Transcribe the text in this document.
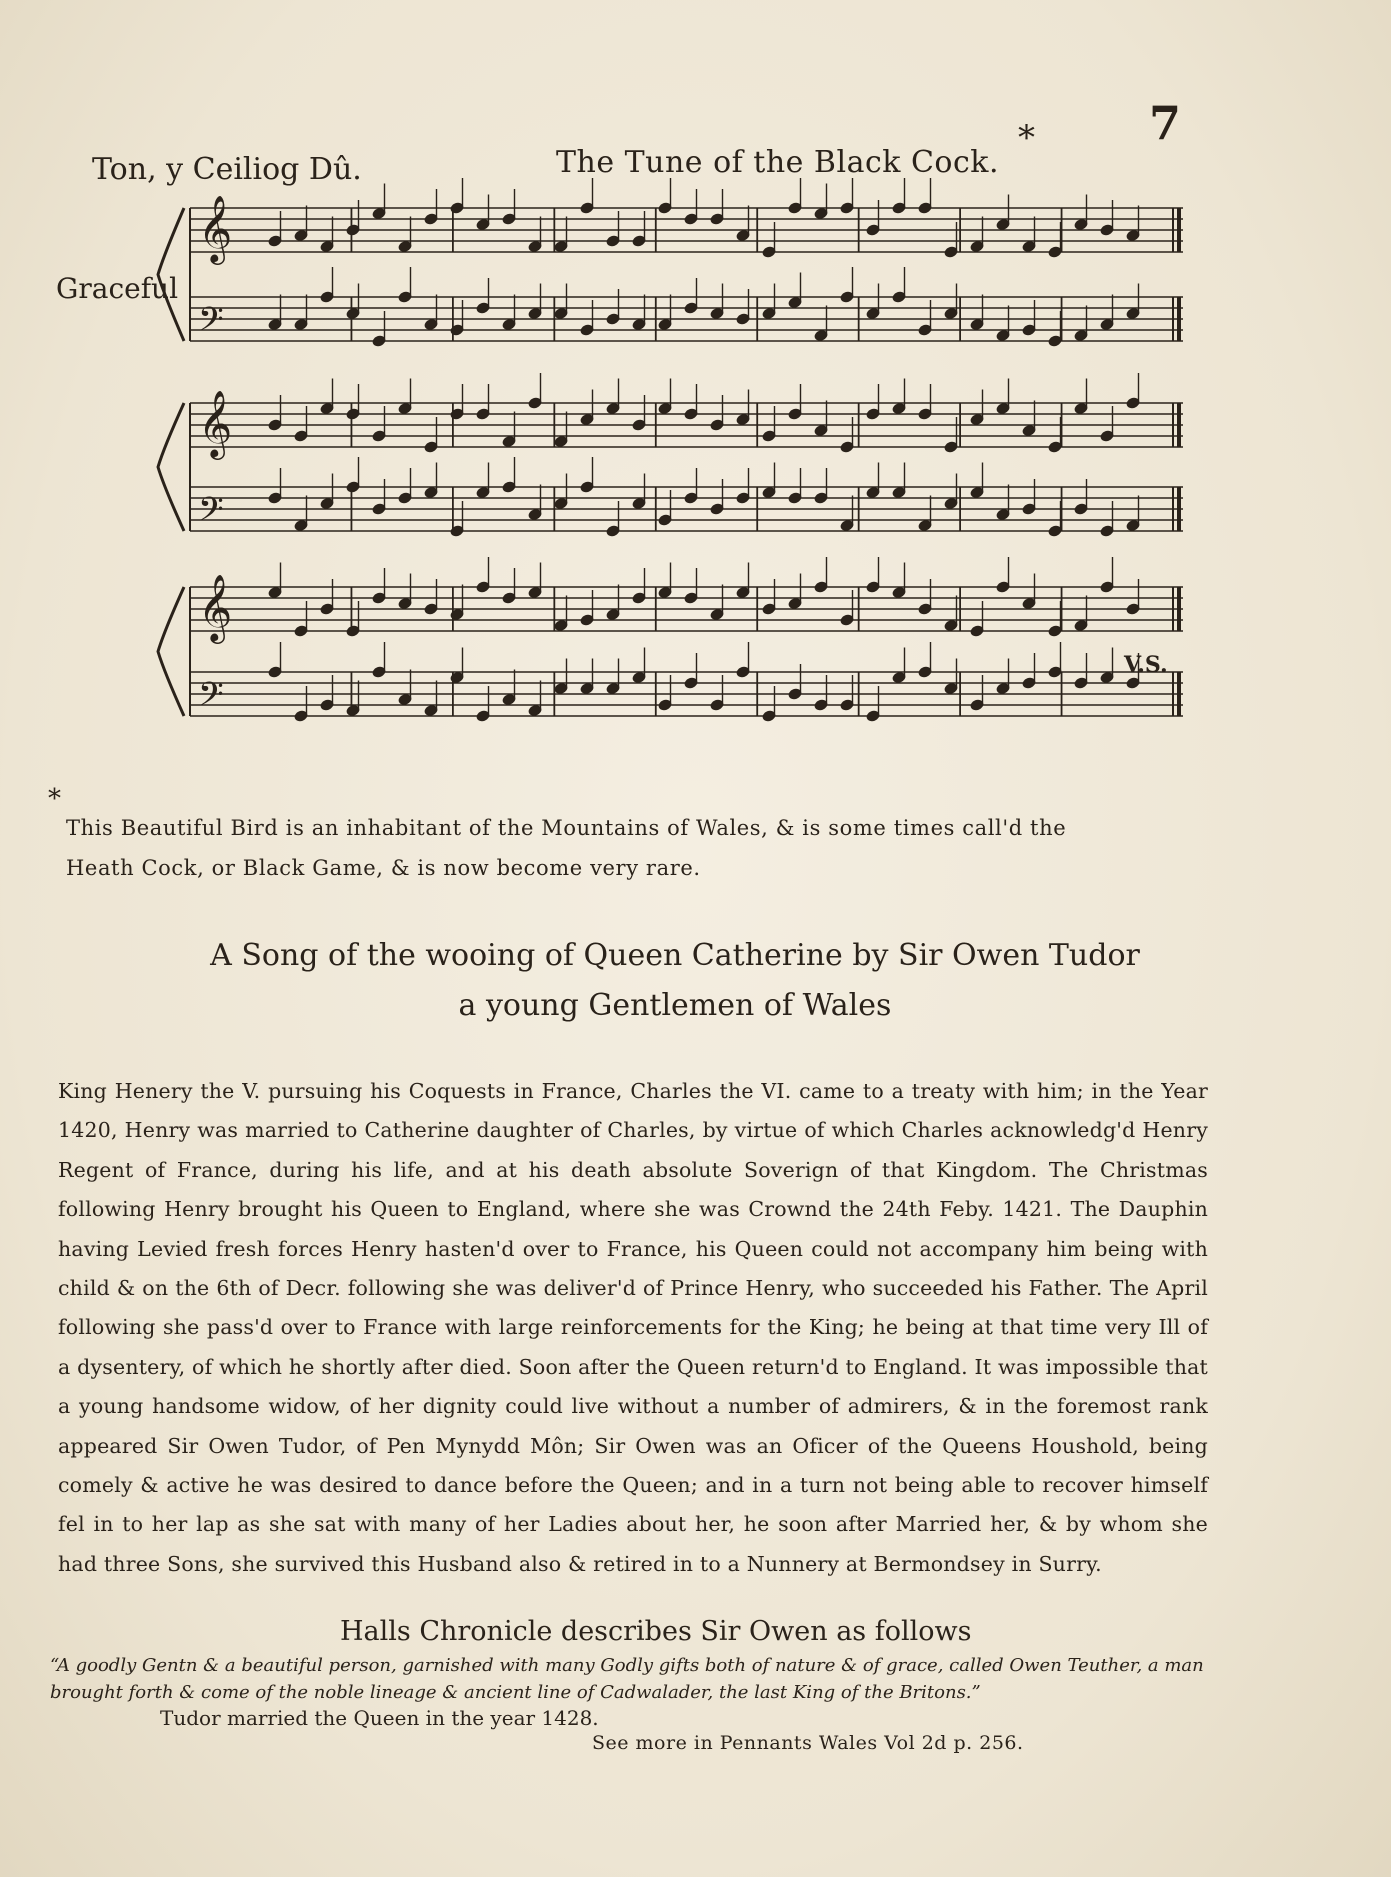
7
*
Ton, y Ceiliog Dû.	The Tune of the Black Cock.
Graceful
𝄞
𝄢
𝄞
𝄢
𝄞
𝄢
V.S.
*
This Beautiful Bird is an inhabitant of the Mountains of Wales, & is some times call'd the
Heath Cock, or Black Game, & is now become very rare.
A Song of the wooing of Queen Catherine by Sir Owen Tudor
a young Gentlemen of Wales
King Henery the V. pursuing his Coquests in France, Charles the VI. came to a treaty with him; in the Year 1420, Henry was married to Catherine daughter of Charles, by virtue of which Charles acknowledg'd Henry Regent of France, during his life, and at his death absolute Soverign of that Kingdom. The Christmas following Henry brought his Queen to England, where she was Crownd the 24th Feby. 1421. The Dauphin having Levied fresh forces Henry hasten'd over to France, his Queen could not accompany him being with child & on the 6th of Decr. following she was deliver'd of Prince Henry, who succeeded his Father. The April following she pass'd over to France with large reinforcements for the King; he being at that time very Ill of a dysentery, of which he shortly after died. Soon after the Queen return'd to England. It was impossible that a young handsome widow, of her dignity could live without a number of admirers, & in the foremost rank appeared Sir Owen Tudor, of Pen Mynydd Môn; Sir Owen was an Oficer of the Queens Houshold, being comely & active he was desired to dance before the Queen; and in a turn not being able to recover himself fel in to her lap as she sat with many of her Ladies about her, he soon after Married her, & by whom she had three Sons, she survived this Husband also & retired in to a Nunnery at Bermondsey in Surry.
Halls Chronicle describes Sir Owen as follows
“A goodly Gentn & a beautiful person, garnished with many Godly gifts both of nature & of grace, called Owen Teuther, a man brought forth & come of the noble lineage & ancient line of Cadwalader, the last King of the Britons.”
Tudor married the Queen in the year 1428.
See more in Pennants Wales Vol 2d p. 256.
